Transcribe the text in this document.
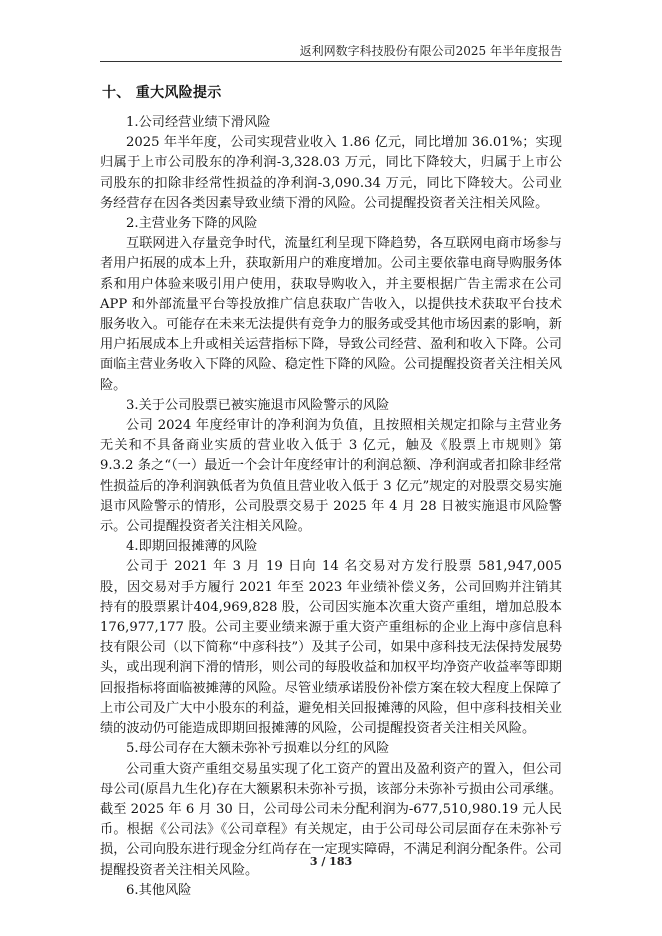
返利网数字科技股份有限公司2025 年半年度报告
十、 重大风险提示

1.公司经营业绩下滑风险

2025 年半年度，公司实现营业收入 1.86 亿元，同比增加 36.01%；实现归属于上市公司股东的净利润-3,328.03 万元，同比下降较大，归属于上市公司股东的扣除非经常性损益的净利润-3,090.34 万元，同比下降较大。公司业务经营存在因各类因素导致业绩下滑的风险。公司提醒投资者关注相关风险。

2.主营业务下降的风险

互联网进入存量竞争时代，流量红利呈现下降趋势，各互联网电商市场参与者用户拓展的成本上升，获取新用户的难度增加。公司主要依靠电商导购服务体系和用户体验来吸引用户使用，获取导购收入，并主要根据广告主需求在公司 APP 和外部流量平台等投放推广信息获取广告收入，以提供技术获取平台技术服务收入。可能存在未来无法提供有竞争力的服务或受其他市场因素的影响，新用户拓展成本上升或相关运营指标下降，导致公司经营、盈利和收入下降。公司面临主营业务收入下降的风险、稳定性下降的风险。公司提醒投资者关注相关风险。

3.关于公司股票已被实施退市风险警示的风险

公司 2024 年度经审计的净利润为负值，且按照相关规定扣除与主营业务无关和不具备商业实质的营业收入低于 3 亿元，触及《股票上市规则》第 9.3.2 条之“（一）最近一个会计年度经审计的利润总额、净利润或者扣除非经常性损益后的净利润孰低者为负值且营业收入低于 3 亿元”规定的对股票交易实施退市风险警示的情形，公司股票交易于 2025 年 4 月 28 日被实施退市风险警示。公司提醒投资者关注相关风险。

4.即期回报摊薄的风险

公司于 2021 年 3 月 19 日向 14 名交易对方发行股票 581,947,005 股，因交易对手方履行 2021 年至 2023 年业绩补偿义务，公司回购并注销其持有的股票累计404,969,828 股，公司因实施本次重大资产重组，增加总股本 176,977,177 股。公司主要业绩来源于重大资产重组标的企业上海中彦信息科技有限公司（以下简称“中彦科技”）及其子公司，如果中彦科技无法保持发展势头，或出现利润下滑的情形，则公司的每股收益和加权平均净资产收益率等即期回报指标将面临被摊薄的风险。尽管业绩承诺股份补偿方案在较大程度上保障了上市公司及广大中小股东的利益，避免相关回报摊薄的风险，但中彦科技相关业绩的波动仍可能造成即期回报摊薄的风险，公司提醒投资者关注相关风险。

5.母公司存在大额未弥补亏损难以分红的风险

公司重大资产重组交易虽实现了化工资产的置出及盈利资产的置入，但公司母公司(原昌九生化)存在大额累积未弥补亏损，该部分未弥补亏损由公司承继。截至 2025 年 6 月 30 日，公司母公司未分配利润为-677,510,980.19 元人民币。根据《公司法》《公司章程》有关规定，由于公司母公司层面存在未弥补亏损，公司向股东进行现金分红尚存在一定现实障碍，不满足利润分配条件。公司提醒投资者关注相关风险。

6.其他风险

3 / 183
